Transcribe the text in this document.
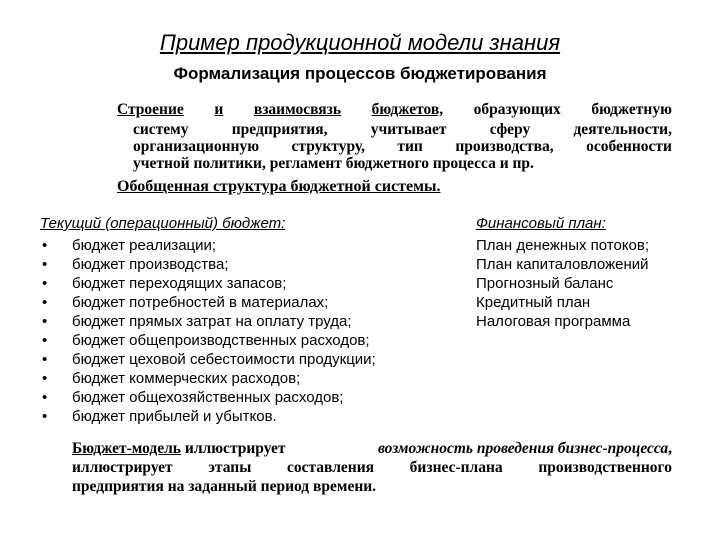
Пример продукционной модели знания
Формализация процессов бюджетирования
Строение и взаимосвязь бюджетов, образующих бюджетную
систему	предприятия,	учитывает	сферу	деятельности,
организационную структуру, тип производства, особенности
учетной политики, регламент бюджетного процесса и пр.
Обобщенная структура бюджетной системы.
Текущий (операционный) бюджет:
• бюджет реализации;
• бюджет производства;
• бюджет переходящих запасов;
• бюджет потребностей в материалах;
• бюджет прямых затрат на оплату труда;
• бюджет общепроизводственных расходов;
• бюджет цеховой себестоимости продукции;
• бюджет коммерческих расходов;
• бюджет общехозяйственных расходов;
• бюджет прибылей и убытков.
Финансовый план:
План денежных потоков;
План капиталовложений
Прогнозный баланс
Кредитный план
Налоговая программа
Бюджет-модель иллюстрирует	возможность проведения бизнес-процесса,
иллюстрирует этапы составления бизнес-плана производственного
предприятия на заданный период времени.
